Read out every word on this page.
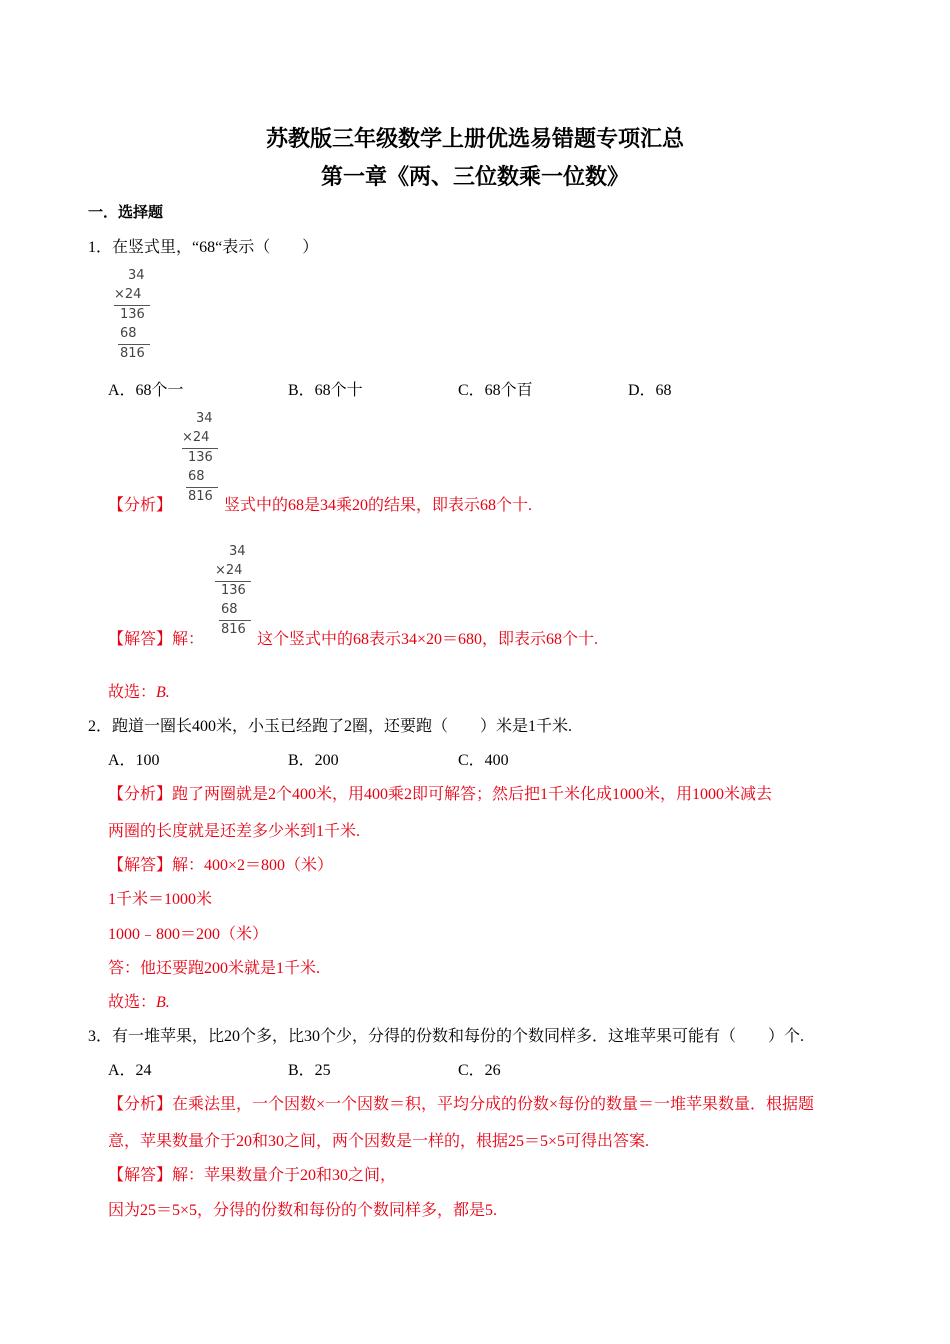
苏教版三年级数学上册优选易错题专项汇总
第一章《两、三位数乘一位数》
一．选择题
1．在竖式里，“68“表示（　　）
34
×24
136
68
816
A．68个一	B．68个十	C．68个百	D．68
34
×24
136
68
816
【分析】	竖式中的68是34乘20的结果，即表示68个十.
34
×24
136
68
816
【解答】解：	这个竖式中的68表示34×20＝680，即表示68个十.
故选：B.
2．跑道一圈长400米，小玉已经跑了2圈，还要跑（　　）米是1千米.
A．100	B．200	C．400
【分析】跑了两圈就是2个400米，用400乘2即可解答；然后把1千米化成1000米，用1000米减去
两圈的长度就是还差多少米到1千米.
【解答】解：400×2＝800（米）
1千米＝1000米
1000﹣800＝200（米）
答：他还要跑200米就是1千米.
故选：B.
3．有一堆苹果，比20个多，比30个少，分得的份数和每份的个数同样多．这堆苹果可能有（　　）个.
A．24	B．25	C．26
【分析】在乘法里，一个因数×一个因数＝积，平均分成的份数×每份的数量＝一堆苹果数量．根据题
意，苹果数量介于20和30之间，两个因数是一样的，根据25＝5×5可得出答案.
【解答】解：苹果数量介于20和30之间，
因为25＝5×5，分得的份数和每份的个数同样多，都是5.
